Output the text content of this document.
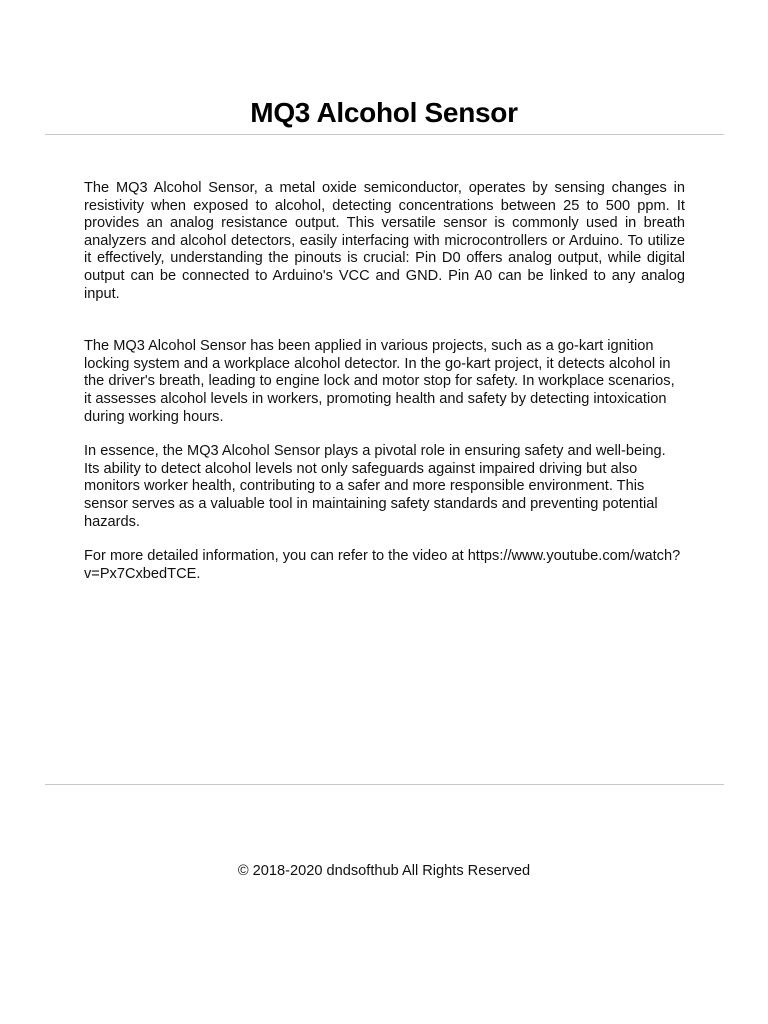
MQ3 Alcohol Sensor

The MQ3 Alcohol Sensor, a metal oxide semiconductor, operates by sensing changes in resistivity when exposed to alcohol, detecting concentrations between 25 to 500 ppm. It provides an analog resistance output. This versatile sensor is commonly used in breath analyzers and alcohol detectors, easily interfacing with microcontrollers or Arduino. To utilize it effectively, understanding the pinouts is crucial: Pin D0 offers analog output, while digital output can be connected to Arduino's VCC and GND. Pin A0 can be linked to any analog input.

The MQ3 Alcohol Sensor has been applied in various projects, such as a go-kart ignition locking system and a workplace alcohol detector. In the go-kart project, it detects alcohol in the driver's breath, leading to engine lock and motor stop for safety. In workplace scenarios, it assesses alcohol levels in workers, promoting health and safety by detecting intoxication during working hours.

In essence, the MQ3 Alcohol Sensor plays a pivotal role in ensuring safety and well-being. Its ability to detect alcohol levels not only safeguards against impaired driving but also monitors worker health, contributing to a safer and more responsible environment. This sensor serves as a valuable tool in maintaining safety standards and preventing potential hazards.

For more detailed information, you can refer to the video at https://www.youtube.com/watch?v=Px7CxbedTCE.

© 2018-2020 dndsofthub All Rights Reserved
